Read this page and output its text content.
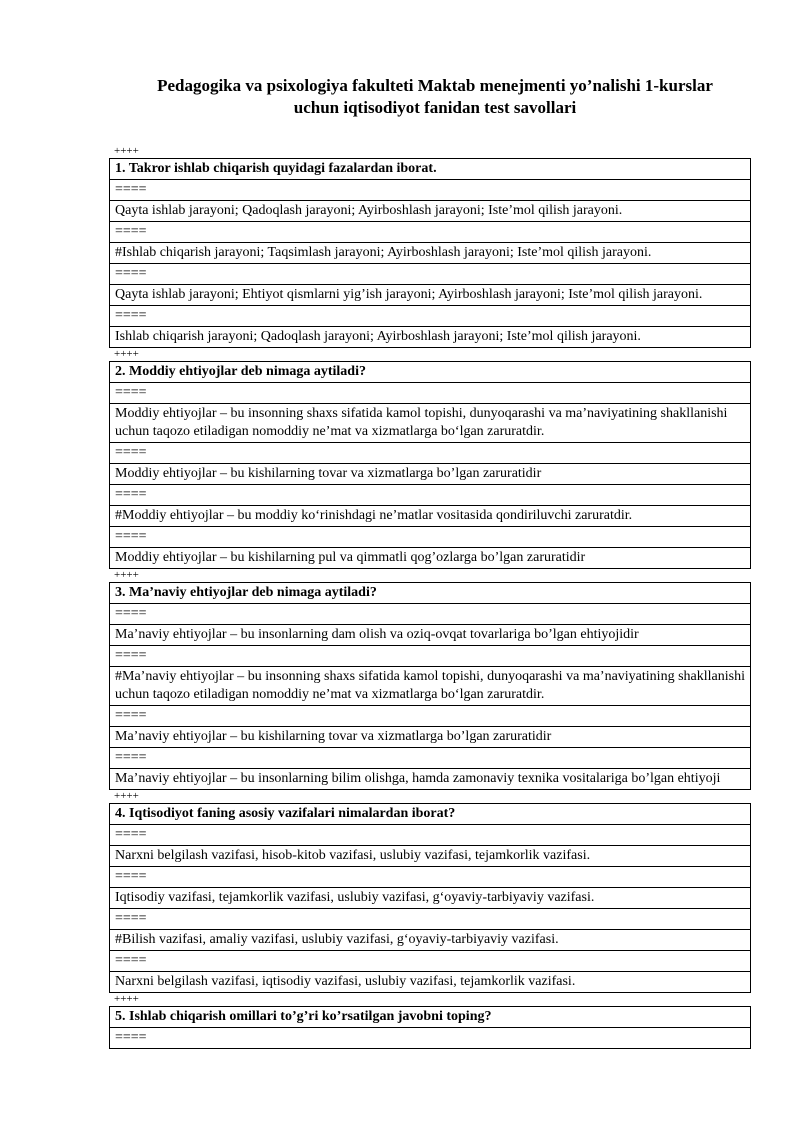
Pedagogika va psixologiya fakulteti Maktab menejmenti yo’nalishi 1-kurslar
uchun iqtisodiyot fanidan test savollari
++++
1. Takror ishlab chiqarish quyidagi fazalardan iborat.
====
Qayta ishlab jarayoni; Qadoqlash jarayoni; Ayirboshlash jarayoni; Iste’mol qilish jarayoni.
====
#Ishlab chiqarish jarayoni; Taqsimlash jarayoni; Ayirboshlash jarayoni; Iste’mol qilish jarayoni.
====
Qayta ishlab jarayoni; Ehtiyot qismlarni yig’ish jarayoni; Ayirboshlash jarayoni; Iste’mol qilish jarayoni.
====
Ishlab chiqarish jarayoni; Qadoqlash jarayoni; Ayirboshlash jarayoni; Iste’mol qilish jarayoni.
++++
2. Moddiy ehtiyojlar deb nimaga aytiladi?
====
Moddiy ehtiyojlar – bu insonning shaxs sifatida kamol topishi, dunyoqarashi va ma’naviyatining shakllanishi uchun taqozo etiladigan nomoddiy ne’mat va xizmatlarga bo‘lgan zaruratdir.
====
Moddiy ehtiyojlar – bu kishilarning tovar va xizmatlarga bo’lgan zaruratidir
====
#Moddiy ehtiyojlar – bu moddiy ko‘rinishdagi ne’matlar vositasida qondiriluvchi zaruratdir.
====
Moddiy ehtiyojlar – bu kishilarning pul va qimmatli qog’ozlarga bo’lgan zaruratidir
++++
3. Ma’naviy ehtiyojlar deb nimaga aytiladi?
====
Ma’naviy ehtiyojlar – bu insonlarning dam olish va oziq-ovqat tovarlariga bo’lgan ehtiyojidir
====
#Ma’naviy ehtiyojlar – bu insonning shaxs sifatida kamol topishi, dunyoqarashi va ma’naviyatining shakllanishi uchun taqozo etiladigan nomoddiy ne’mat va xizmatlarga bo‘lgan zaruratdir.
====
Ma’naviy ehtiyojlar – bu kishilarning tovar va xizmatlarga bo’lgan zaruratidir
====
Ma’naviy ehtiyojlar – bu insonlarning bilim olishga, hamda zamonaviy texnika vositalariga bo’lgan ehtiyoji
++++
4. Iqtisodiyot faning asosiy vazifalari nimalardan iborat?
====
Narxni belgilash vazifasi, hisob-kitob vazifasi, uslubiy vazifasi, tejamkorlik vazifasi.
====
Iqtisodiy vazifasi, tejamkorlik vazifasi, uslubiy vazifasi, g‘oyaviy-tarbiyaviy vazifasi.
====
#Bilish vazifasi, amaliy vazifasi, uslubiy vazifasi, g‘oyaviy-tarbiyaviy vazifasi.
====
Narxni belgilash vazifasi, iqtisodiy vazifasi, uslubiy vazifasi, tejamkorlik vazifasi.
++++
5. Ishlab chiqarish omillari to’g’ri ko’rsatilgan javobni toping?
====
